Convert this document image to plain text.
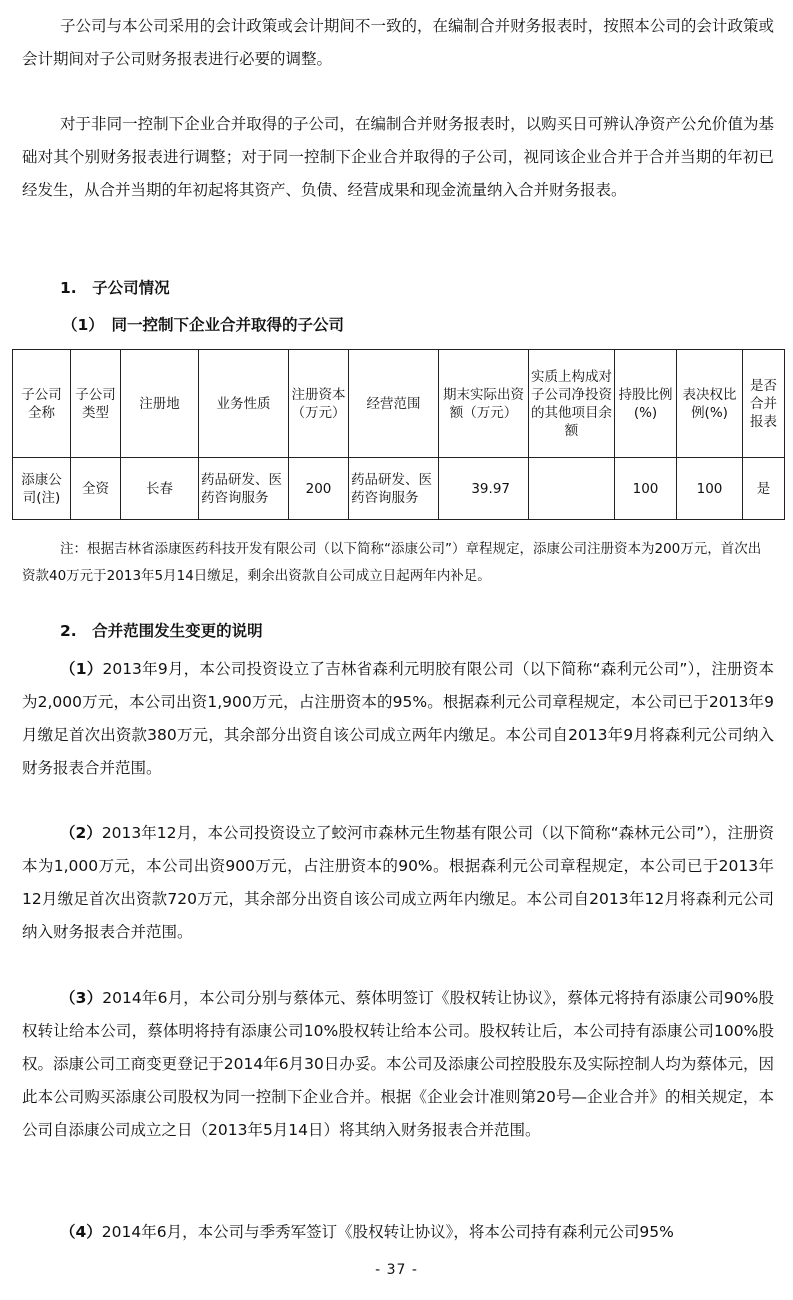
子公司与本公司采用的会计政策或会计期间不一致的，在编制合并财务报表时，按照本公司的会计政策或会计期间对子公司财务报表进行必要的调整。

对于非同一控制下企业合并取得的子公司，在编制合并财务报表时，以购买日可辨认净资产公允价值为基础对其个别财务报表进行调整；对于同一控制下企业合并取得的子公司，视同该企业合并于合并当期的年初已经发生，从合并当期的年初起将其资产、负债、经营成果和现金流量纳入合并财务报表。

1.　子公司情况
（1）　同一控制下企业合并取得的子公司
子公司全称	子公司类型	注册地	业务性质	注册资本（万元）	经营范围	期末实际出资额（万元）	实质上构成对子公司净投资的其他项目余额	持股比例(%)	表决权比例(%)	是否合并报表
添康公司(注)	全资	长春	药品研发、医药咨询服务	200	药品研发、医药咨询服务	39.97		100	100	是

注：根据吉林省添康医药科技开发有限公司（以下简称“添康公司”）章程规定，添康公司注册资本为200万元，首次出资款40万元于2013年5月14日缴足，剩余出资款自公司成立日起两年内补足。

2.　合并范围发生变更的说明

（1）2013年9月，本公司投资设立了吉林省森利元明胶有限公司（以下简称“森利元公司”），注册资本为2,000万元，本公司出资1,900万元，占注册资本的95%。根据森利元公司章程规定，本公司已于2013年9月缴足首次出资款380万元，其余部分出资自该公司成立两年内缴足。本公司自2013年9月将森利元公司纳入财务报表合并范围。

（2）2013年12月，本公司投资设立了蛟河市森林元生物基有限公司（以下简称“森林元公司”），注册资本为1,000万元，本公司出资900万元，占注册资本的90%。根据森利元公司章程规定，本公司已于2013年12月缴足首次出资款720万元，其余部分出资自该公司成立两年内缴足。本公司自2013年12月将森利元公司纳入财务报表合并范围。

（3）2014年6月，本公司分别与蔡体元、蔡体明签订《股权转让协议》，蔡体元将持有添康公司90%股权转让给本公司，蔡体明将持有添康公司10%股权转让给本公司。股权转让后，本公司持有添康公司100%股权。添康公司工商变更登记于2014年6月30日办妥。本公司及添康公司控股股东及实际控制人均为蔡体元，因此本公司购买添康公司股权为同一控制下企业合并。根据《企业会计准则第20号—企业合并》的相关规定，本公司自添康公司成立之日（2013年5月14日）将其纳入财务报表合并范围。

（4）2014年6月，本公司与季秀军签订《股权转让协议》，将本公司持有森利元公司95%

- 37 -
